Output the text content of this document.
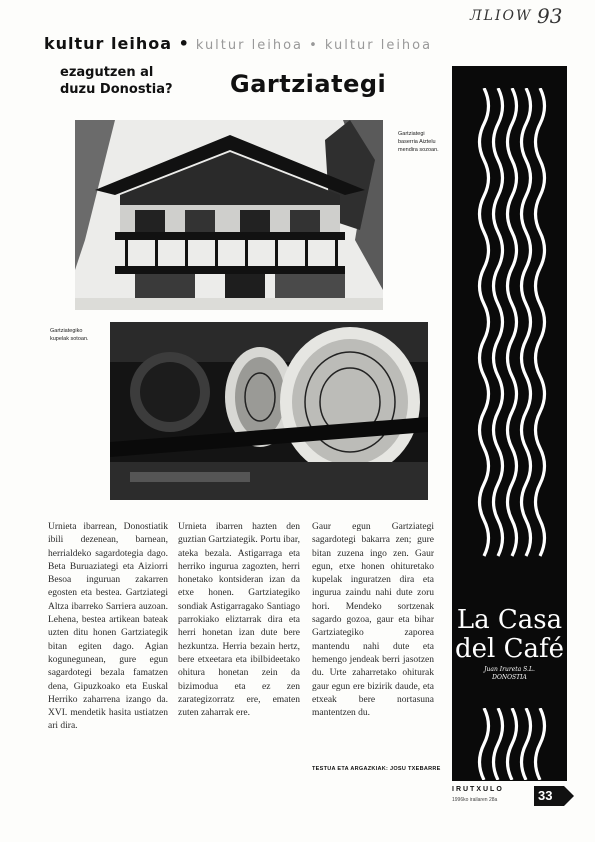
ЛLIOW 93
kultur leihoa • kultur leihoa • kultur leihoa
ezagutzen al
duzu Donostia?	Gartziategi
Gartziategi baserria Aiztelu mendira sozoan.
Gartziategiko kupelak sotoan.
Urnieta ibarrean, Donostiatik ibili dezenean, barnean, herrialdeko sagardotegia dago. Beta Buruaziategi eta Aiziorri Besoa inguruan zakarren egosten eta bestea. Gartziategi Altza ibarreko Sarriera auzoan. Lehena, bestea artikean bateak uzten ditu honen Gartziategik bitan egiten dago. Agian kogunegunean, gure egun sagardotegi bezala famatzen dena, Gipuzkoako eta Euskal Herriko zaharrena izango da. XVI. mendetik hasita ustiatzen ari dira.
Urnieta ibarren hazten den guztian Gartziategik. Portu ibar, ateka bezala. Astigarraga eta herriko ingurua zagozten, herri honetako kontsideran izan da etxe honen. Gartziategiko sondiak Astigarragako Santiago parrokiako eliztarrak dira eta herri honetan izan dute bere hezkuntza. Herria bezain hertz, bere etxeetara eta ibilbideetako ohitura honetan zein da bizimodua eta ez zen zarategizorratz ere, ematen zuten zaharrak ere.
Gaur egun Gartziategi sagardotegi bakarra zen; gure bitan zuzena ingo zen. Gaur egun, etxe honen ohituretako kupelak inguratzen dira eta ingurua zaindu nahi dute zoru hori. Mendeko sortzenak sagardo gozoa, gaur eta bihar Gartziategiko zaporea mantendu nahi dute eta hemengo jendeak berri jasotzen du. Urte zaharretako ohiturak gaur egun ere bizirik daude, eta etxeak bere nortasuna mantentzen du.
TESTUA ETA ARGAZKIAK: JOSU TXEBARRE
La Casa
del Café
Juan Irureta S.L.
DONOSTIA
IRUTXULO
1996ko irailaren 28a	33
